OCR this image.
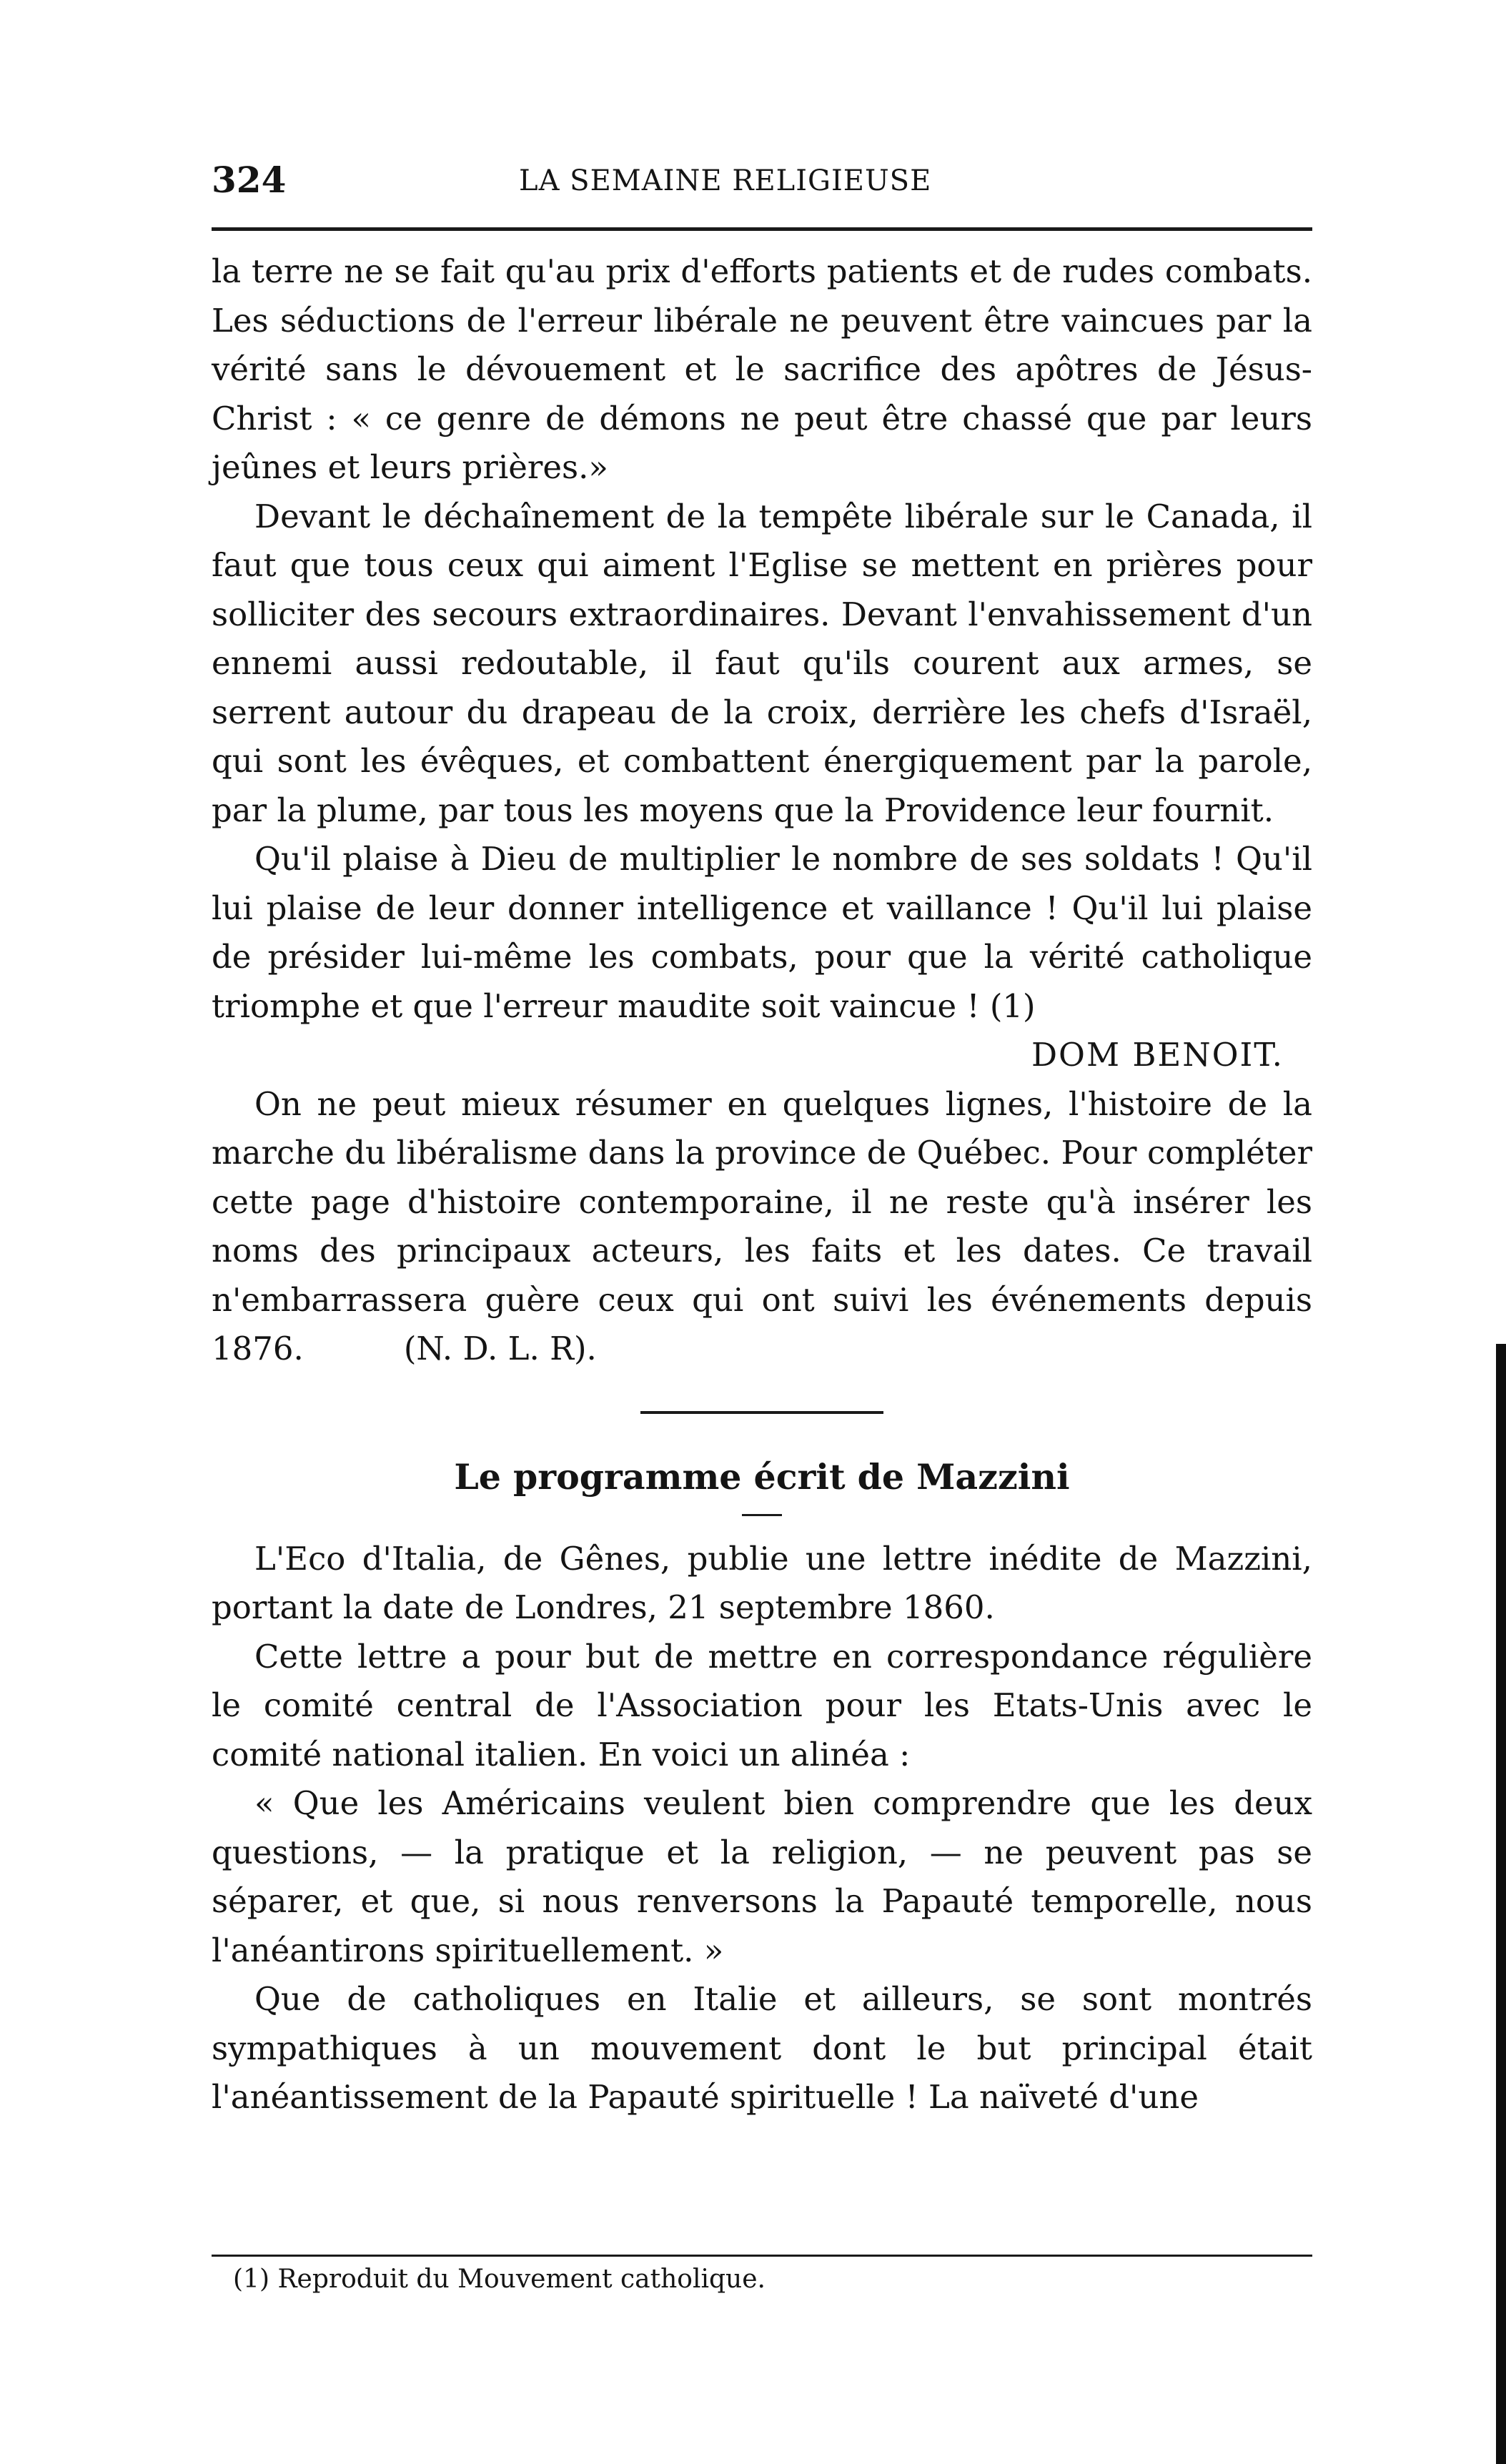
324	LA SEMAINE RELIGIEUSE

la terre ne se fait qu'au prix d'efforts patients et de rudes combats. Les séductions de l'erreur libérale ne peuvent être vaincues par la vérité sans le dévouement et le sacrifice des apôtres de Jésus-Christ : « ce genre de démons ne peut être chassé que par leurs jeûnes et leurs prières.»

Devant le déchaînement de la tempête libérale sur le Canada, il faut que tous ceux qui aiment l'Eglise se mettent en prières pour solliciter des secours extraordinaires. Devant l'envahissement d'un ennemi aussi redoutable, il faut qu'ils courent aux armes, se serrent autour du drapeau de la croix, derrière les chefs d'Israël, qui sont les évêques, et combattent énergiquement par la parole, par la plume, par tous les moyens que la Providence leur fournit.

Qu'il plaise à Dieu de multiplier le nombre de ses soldats ! Qu'il lui plaise de leur donner intelligence et vaillance ! Qu'il lui plaise de présider lui-même les combats, pour que la vérité catholique triomphe et que l'erreur maudite soit vaincue ! (1)

DOM BENOIT.

On ne peut mieux résumer en quelques lignes, l'histoire de la marche du libéralisme dans la province de Québec. Pour compléter cette page d'histoire contemporaine, il ne reste qu'à insérer les noms des principaux acteurs, les faits et les dates. Ce travail n'embarrassera guère ceux qui ont suivi les événements depuis 1876.	(N. D. L. R).

Le programme écrit de Mazzini

L'Eco d'Italia, de Gênes, publie une lettre inédite de Mazzini, portant la date de Londres, 21 septembre 1860.

Cette lettre a pour but de mettre en correspondance régulière le comité central de l'Association pour les Etats-Unis avec le comité national italien. En voici un alinéa :

« Que les Américains veulent bien comprendre que les deux questions, — la pratique et la religion, — ne peuvent pas se séparer, et que, si nous renversons la Papauté temporelle, nous l'anéantirons spirituellement. »

Que de catholiques en Italie et ailleurs, se sont montrés sympathiques à un mouvement dont le but principal était l'anéantissement de la Papauté spirituelle ! La naïveté d'une

(1) Reproduit du Mouvement catholique.
